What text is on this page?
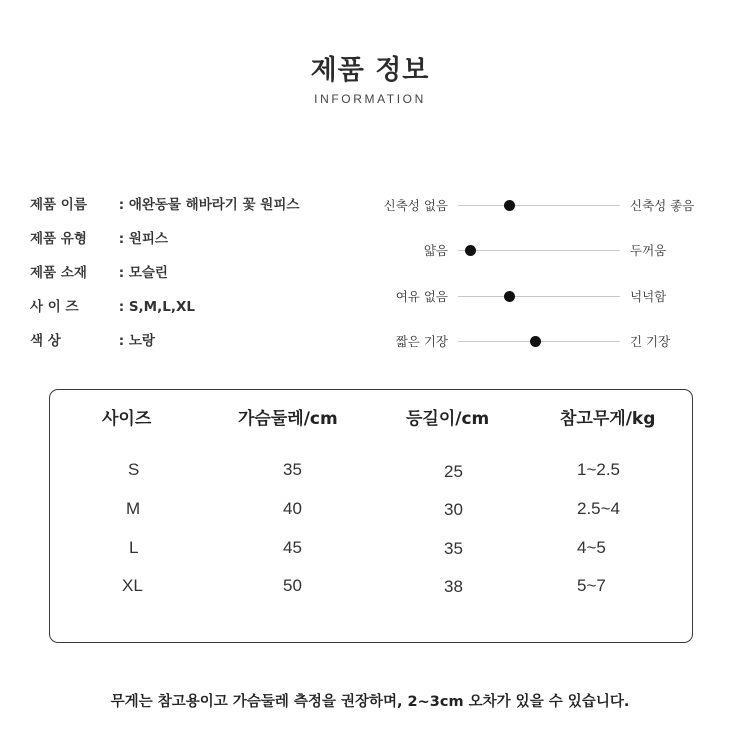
제품 정보
INFORMATION
제품 이름 : 애완동물 해바라기 꽃 원피스
제품 유형 : 원피스
제품 소재 : 모슬린
사 이 즈	: S,M,L,XL
색 상	: 노랑
신축성 없음	신축성 좋음
얇음	두꺼움
여유 없음	넉넉함
짧은 기장	긴 기장
사이즈	가슴둘레/cm	등길이/cm	참고무게/kg
S	35	25	1~2.5
M	40	30	2.5~4
L	45	35	4~5
XL	50	38	5~7
무게는 참고용이고 가슴둘레 측정을 권장하며, 2~3cm 오차가 있을 수 있습니다.
